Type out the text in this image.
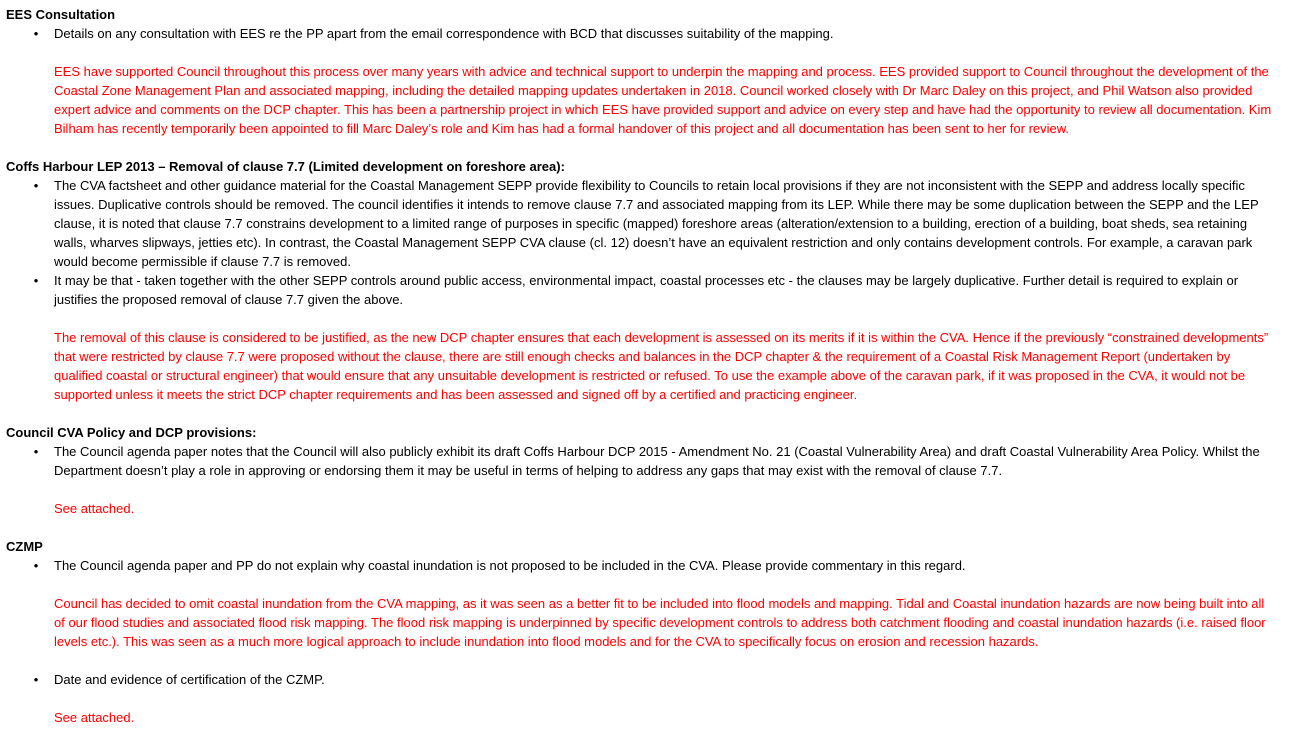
EES Consultation

• Details on any consultation with EES re the PP apart from the email correspondence with BCD that discusses suitability of the mapping.

EES have supported Council throughout this process over many years with advice and technical support to underpin the mapping and process. EES provided support to Council throughout the development of the Coastal Zone Management Plan and associated mapping, including the detailed mapping updates undertaken in 2018. Council worked closely with Dr Marc Daley on this project, and Phil Watson also provided expert advice and comments on the DCP chapter. This has been a partnership project in which EES have provided support and advice on every step and have had the opportunity to review all documentation. Kim Bilham has recently temporarily been appointed to fill Marc Daley’s role and Kim has had a formal handover of this project and all documentation has been sent to her for review.

Coffs Harbour LEP 2013 – Removal of clause 7.7 (Limited development on foreshore area):

• The CVA factsheet and other guidance material for the Coastal Management SEPP provide flexibility to Councils to retain local provisions if they are not inconsistent with the SEPP and address locally specific issues. Duplicative controls should be removed. The council identifies it intends to remove clause 7.7 and associated mapping from its LEP. While there may be some duplication between the SEPP and the LEP clause, it is noted that clause 7.7 constrains development to a limited range of purposes in specific (mapped) foreshore areas (alteration/extension to a building, erection of a building, boat sheds, sea retaining walls, wharves slipways, jetties etc). In contrast, the Coastal Management SEPP CVA clause (cl. 12) doesn’t have an equivalent restriction and only contains development controls. For example, a caravan park would become permissible if clause 7.7 is removed.
• It may be that - taken together with the other SEPP controls around public access, environmental impact, coastal processes etc - the clauses may be largely duplicative. Further detail is required to explain or justifies the proposed removal of clause 7.7 given the above.

The removal of this clause is considered to be justified, as the new DCP chapter ensures that each development is assessed on its merits if it is within the CVA. Hence if the previously “constrained developments” that were restricted by clause 7.7 were proposed without the clause, there are still enough checks and balances in the DCP chapter & the requirement of a Coastal Risk Management Report (undertaken by qualified coastal or structural engineer) that would ensure that any unsuitable development is restricted or refused. To use the example above of the caravan park, if it was proposed in the CVA, it would not be supported unless it meets the strict DCP chapter requirements and has been assessed and signed off by a certified and practicing engineer.

Council CVA Policy and DCP provisions:

• The Council agenda paper notes that the Council will also publicly exhibit its draft Coffs Harbour DCP 2015 - Amendment No. 21 (Coastal Vulnerability Area) and draft Coastal Vulnerability Area Policy. Whilst the Department doesn’t play a role in approving or endorsing them it may be useful in terms of helping to address any gaps that may exist with the removal of clause 7.7.

See attached.

CZMP

• The Council agenda paper and PP do not explain why coastal inundation is not proposed to be included in the CVA. Please provide commentary in this regard.

Council has decided to omit coastal inundation from the CVA mapping, as it was seen as a better fit to be included into flood models and mapping. Tidal and Coastal inundation hazards are now being built into all of our flood studies and associated flood risk mapping. The flood risk mapping is underpinned by specific development controls to address both catchment flooding and coastal inundation hazards (i.e. raised floor levels etc.). This was seen as a much more logical approach to include inundation into flood models and for the CVA to specifically focus on erosion and recession hazards.

• Date and evidence of certification of the CZMP.

See attached.
